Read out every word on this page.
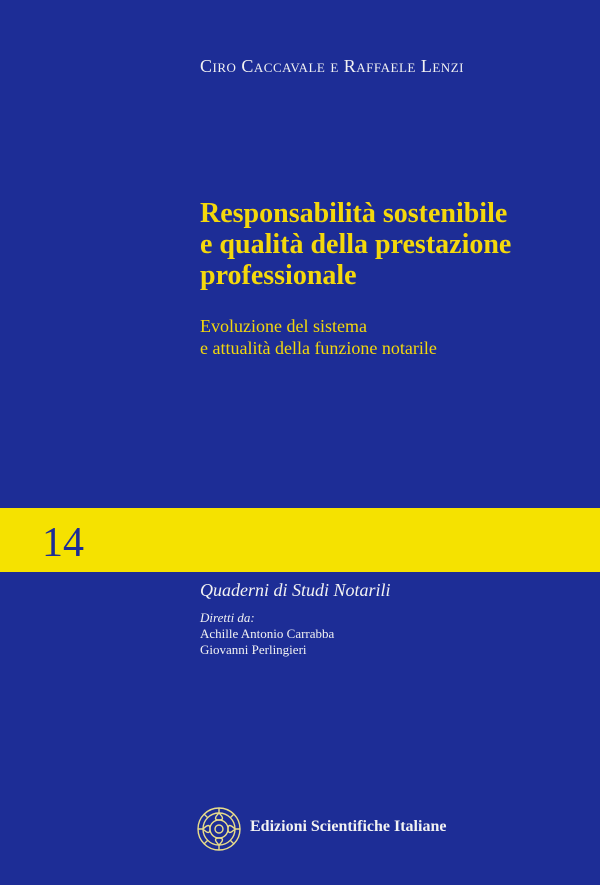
Ciro Caccavale e Raffaele Lenzi
Responsabilità sostenibile
e qualità della prestazione
professionale
Evoluzione del sistema
e attualità della funzione notarile
14
Quaderni di Studi Notarili
Diretti da:
Achille Antonio Carrabba
Giovanni Perlingieri
Edizioni Scientifiche Italiane
